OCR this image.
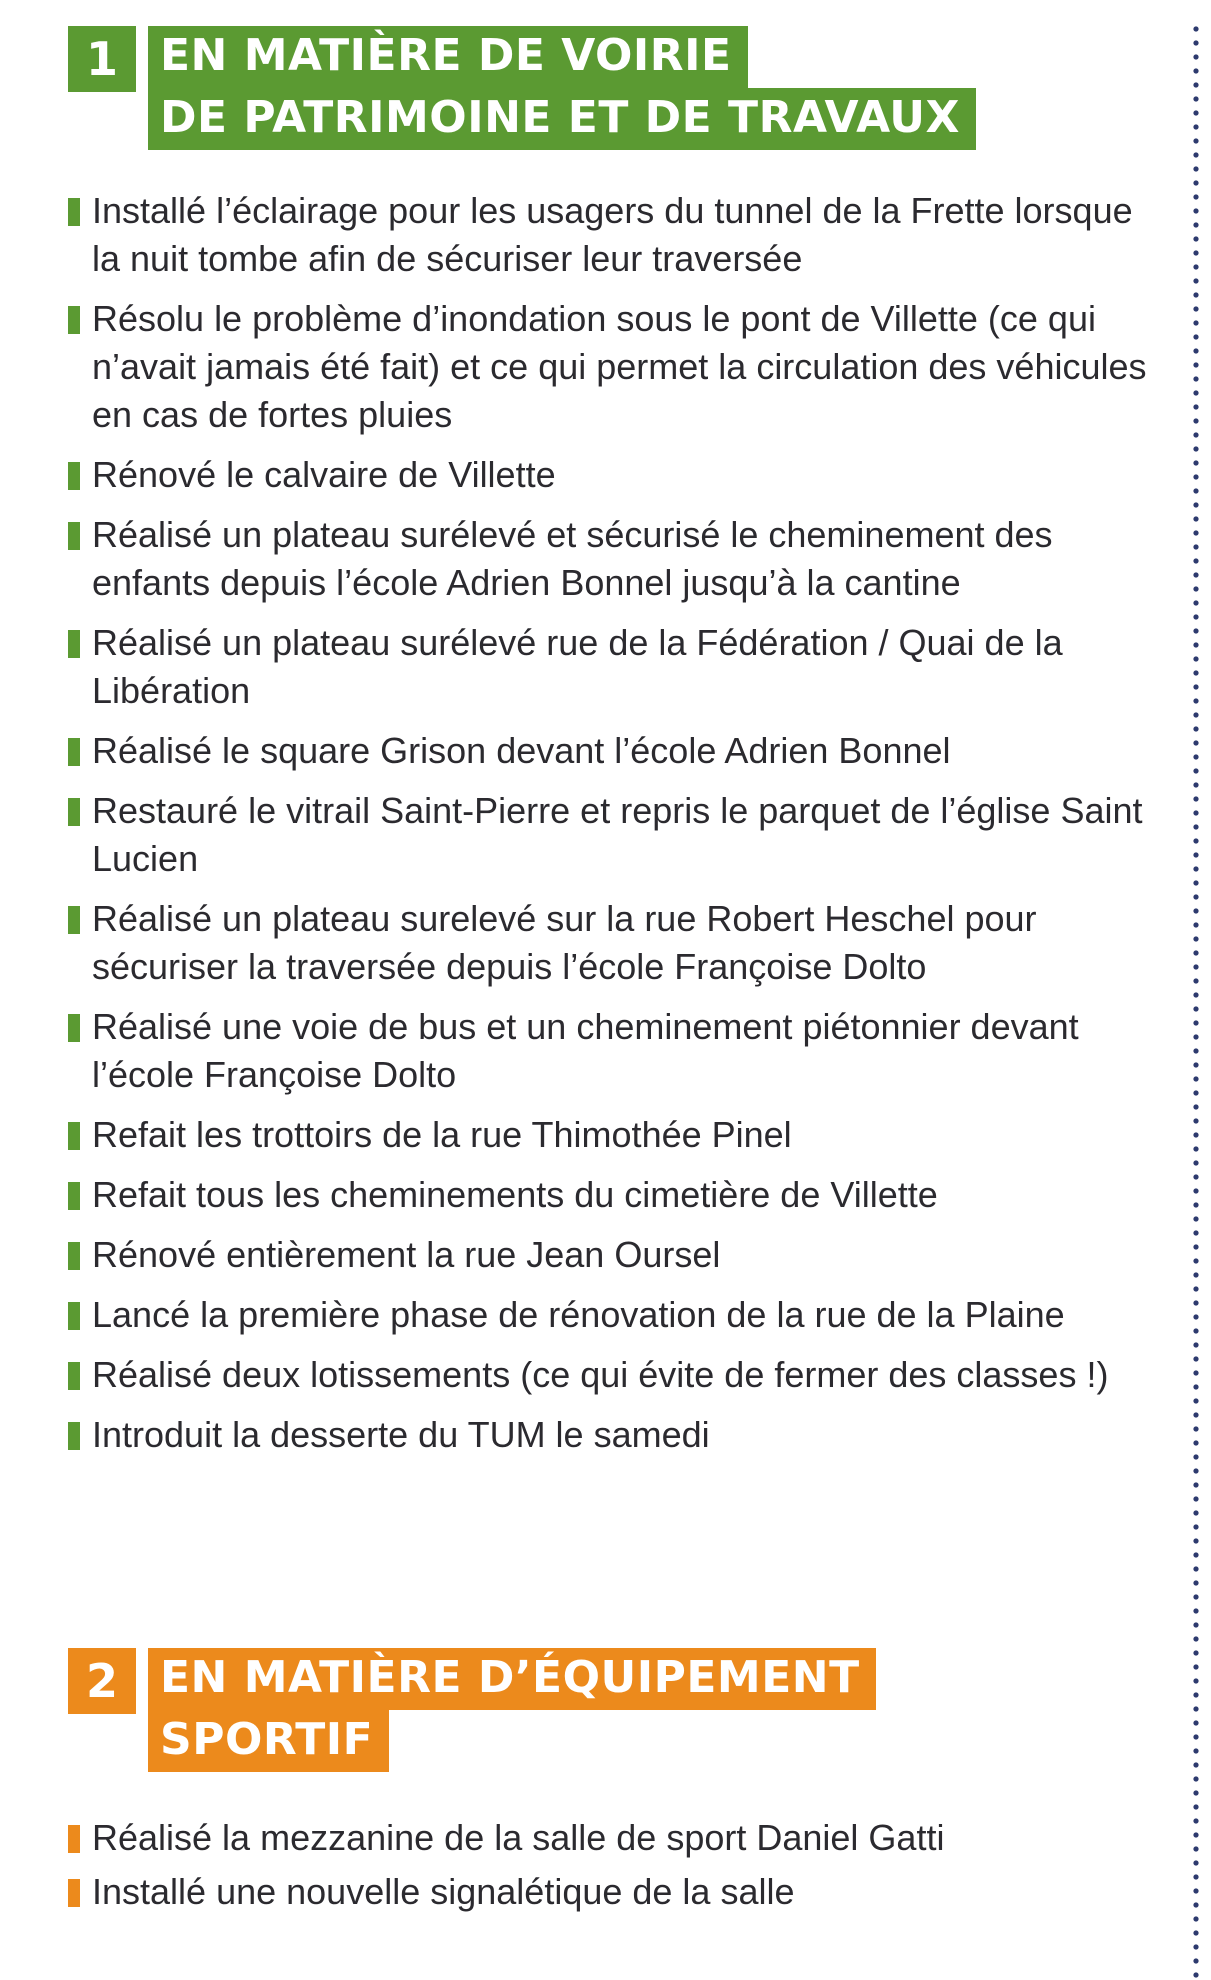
1 EN MATIÈRE DE VOIRIE
DE PATRIMOINE ET DE TRAVAUX
Installé l’éclairage pour les usagers du tunnel de la Frette lorsque la nuit tombe afin de sécuriser leur traversée
Résolu le problème d’inondation sous le pont de Villette (ce qui n’avait jamais été fait) et ce qui permet la circulation des véhicules en cas de fortes pluies
Rénové le calvaire de Villette
Réalisé un plateau surélevé et sécurisé le cheminement des enfants depuis l’école Adrien Bonnel jusqu’à la cantine
Réalisé un plateau surélevé rue de la Fédération / Quai de la Libération
Réalisé le square Grison devant l’école Adrien Bonnel
Restauré le vitrail Saint-Pierre et repris le parquet de l’église Saint Lucien
Réalisé un plateau surelevé sur la rue Robert Heschel pour sécuriser la traversée depuis l’école Françoise Dolto
Réalisé une voie de bus et un cheminement piétonnier devant l’école Françoise Dolto
Refait les trottoirs de la rue Thimothée Pinel
Refait tous les cheminements du cimetière de Villette
Rénové entièrement la rue Jean Oursel
Lancé la première phase de rénovation de la rue de la Plaine
Réalisé deux lotissements (ce qui évite de fermer des classes !)
Introduit la desserte du TUM le samedi
2 EN MATIÈRE D’ÉQUIPEMENT
SPORTIF
Réalisé la mezzanine de la salle de sport Daniel Gatti
Installé une nouvelle signalétique de la salle
